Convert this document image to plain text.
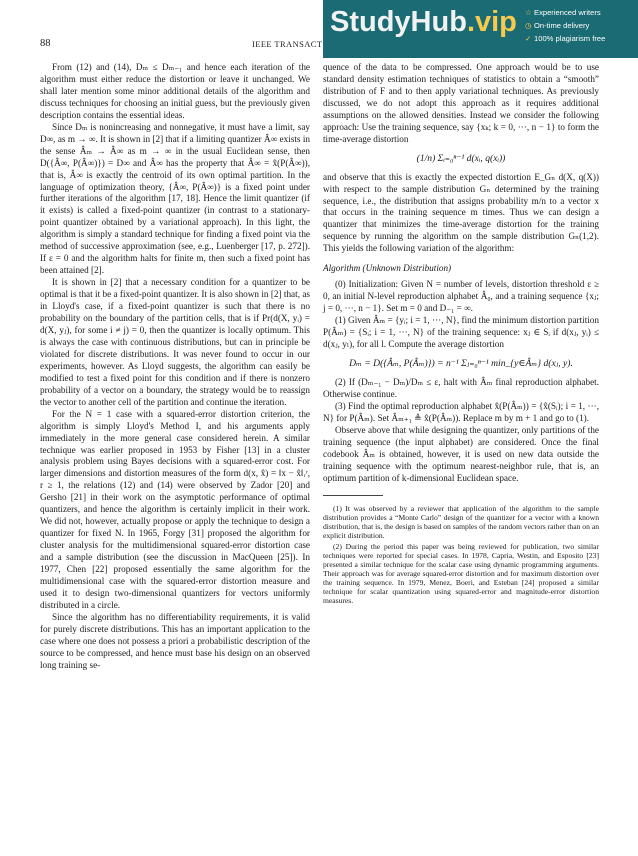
88	IEEE TRANSACT
StudyHub.vip ☆ Experienced writers
◷ On-time delivery
✓ 100% plagiarism free

From (12) and (14), Dₘ ≤ Dₘ₋₁ and hence each iteration of the algorithm must either reduce the distortion or leave it unchanged. We shall later mention some minor additional details of the algorithm and discuss techniques for choosing an initial guess, but the previously given description contains the essential ideas.

Since Dₘ is nonincreasing and nonnegative, it must have a limit, say D∞, as m → ∞. It is shown in [2] that if a limiting quantizer Â∞ exists in the sense Âₘ → Â∞ as m → ∞ in the usual Euclidean sense, then D({Â∞, P(Â∞)}) = D∞ and Â∞ has the property that Â∞ = x̂(P(Â∞)), that is, Â∞ is exactly the centroid of its own optimal partition. In the language of optimization theory, {Â∞, P(Â∞)} is a fixed point under further iterations of the algorithm [17, 18]. Hence the limit quantizer (if it exists) is called a fixed-point quantizer (in contrast to a stationary-point quantizer obtained by a variational approach). In this light, the algorithm is simply a standard technique for finding a fixed point via the method of successive approximation (see, e.g., Luenberger [17, p. 272]). If ε = 0 and the algorithm halts for finite m, then such a fixed point has been attained [2].

It is shown in [2] that a necessary condition for a quantizer to be optimal is that it be a fixed-point quantizer. It is also shown in [2] that, as in Lloyd's case, if a fixed-point quantizer is such that there is no probability on the boundary of the partition cells, that is if Pr(d(X, yᵢ) = d(X, yⱼ), for some i ≠ j) = 0, then the quantizer is locally optimum. This is always the case with continuous distributions, but can in principle be violated for discrete distributions. It was never found to occur in our experiments, however. As Lloyd suggests, the algorithm can easily be modified to test a fixed point for this condition and if there is nonzero probability of a vector on a boundary, the strategy would be to reassign the vector to another cell of the partition and continue the iteration.

For the N = 1 case with a squared-error distortion criterion, the algorithm is simply Lloyd's Method I, and his arguments apply immediately in the more general case considered herein. A similar technique was earlier proposed in 1953 by Fisher [13] in a cluster analysis problem using Bayes decisions with a squared-error cost. For larger dimensions and distortion measures of the form d(x, x̂) = ‖x − x̂‖ᵣʳ, r ≥ 1, the relations (12) and (14) were observed by Zador [20] and Gersho [21] in their work on the asymptotic performance of optimal quantizers, and hence the algorithm is certainly implicit in their work. We did not, however, actually propose or apply the technique to design a quantizer for fixed N. In 1965, Forgy [31] proposed the algorithm for cluster analysis for the multidimensional squared-error distortion case and a sample distribution (see the discussion in MacQueen [25]). In 1977, Chen [22] proposed essentially the same algorithm for the multidimensional case with the squared-error distortion measure and used it to design two-dimensional quantizers for vectors uniformly distributed in a circle.

Since the algorithm has no differentiability requirements, it is valid for purely discrete distributions. This has an important application to the case where one does not possess a priori a probabilistic description of the source to be compressed, and hence must base his design on an observed long training se-

quence of the data to be compressed. One approach would be to use standard density estimation techniques of statistics to obtain a “smooth” distribution of F and to then apply variational techniques. As previously discussed, we do not adopt this approach as it requires additional assumptions on the allowed densities. Instead we consider the following approach: Use the training sequence, say {xₖ; k = 0, ···, n − 1} to form the time-average distortion

(1/n) Σᵢ₌₀ⁿ⁻¹ d(xᵢ, q(xᵢ))

and observe that this is exactly the expected distortion E_Gₙ d(X, q(X)) with respect to the sample distribution Gₙ determined by the training sequence, i.e., the distribution that assigns probability m/n to a vector x that occurs in the training sequence m times. Thus we can design a quantizer that minimizes the time-average distortion for the training sequence by running the algorithm on the sample distribution Gₙ(1,2). This yields the following variation of the algorithm:

Algorithm (Unknown Distribution)

(0) Initialization: Given N = number of levels, distortion threshold ε ≥ 0, an initial N-level reproduction alphabet Â₀, and a training sequence {xⱼ; j = 0, ···, n − 1}. Set m = 0 and D₋₁ = ∞.

(1) Given Âₘ = {yᵢ; i = 1, ···, N}, find the minimum distortion partition P(Âₘ) = {Sᵢ; i = 1, ···, N} of the training sequence: xⱼ ∈ Sᵢ if d(xⱼ, yᵢ) ≤ d(xⱼ, yₗ), for all l. Compute the average distortion

Dₘ = D({Âₘ, P(Âₘ)}) = n⁻¹ Σⱼ₌₀ⁿ⁻¹ min_{y∈Âₘ} d(xⱼ, y).

(2) If (Dₘ₋₁ − Dₘ)/Dₘ ≤ ε, halt with Âₘ final reproduction alphabet. Otherwise continue.

(3) Find the optimal reproduction alphabet x̂(P(Âₘ)) = {x̂(Sᵢ); i = 1, ···, N} for P(Âₘ). Set Âₘ₊₁ ≜ x̂(P(Âₘ)). Replace m by m + 1 and go to (1).

Observe above that while designing the quantizer, only partitions of the training sequence (the input alphabet) are considered. Once the final codebook Âₘ is obtained, however, it is used on new data outside the training sequence with the optimum nearest-neighbor rule, that is, an optimum partition of k-dimensional Euclidean space.

(1) It was observed by a reviewer that application of the algorithm to the sample distribution provides a “Monte Carlo” design of the quantizer for a vector with a known distribution, that is, the design is based on samples of the random vectors rather than on an explicit distribution.

(2) During the period this paper was being reviewed for publication, two similar techniques were reported for special cases. In 1978, Capria, Westin, and Esposito [23] presented a similar technique for the scalar case using dynamic programming arguments. Their approach was for average squared-error distortion and for maximum distortion over the training sequence. In 1979, Menez, Boeri, and Esteban [24] proposed a similar technique for scalar quantization using squared-error and magnitude-error distortion measures.
